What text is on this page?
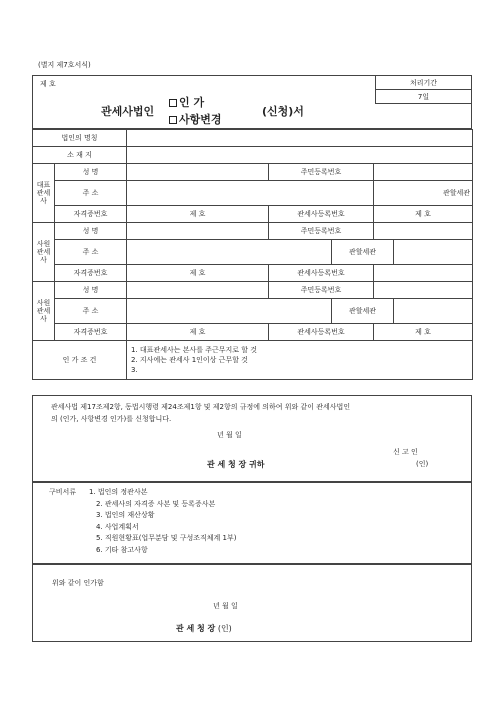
(별지 제7호서식)
제 호
관세사법인
인 가
사항변경
(신청)서
처리기간
7일
법인의 명칭							
소 재 지							

대표
관세
사	성 명		주민등록번호				
	주 소				관할세관		
	자격증번호	제 호	관세사등록번호		제 호		

사원
관세
사	성 명		주민등록번호				
	주 소			관할세관			
	자격증번호	제 호	관세사등록번호				

사원
관세
사	성 명		주민등록번호				
	주 소			관할세관			
	자격증번호	제 호	관세사등록번호		제 호		
인 가 조 건		1. 대표관세사는 본사를 주근무지로 할 것
2. 지사에는 관세사 1인이상 근무할 것
3.					
관세사법 제17조제2항, 동법시행령 제24조제1항 및 제2항의 규정에 의하여 위와 같이 관세사법인
의 (인가, 사항변경 인가)를 신청합니다.
년 월 일
신 고 인
(인)
관 세 청 장 귀하
구비서류 1. 법인의 정관사본
2. 관세사의 자격증 사본 및 등록증사본
3. 법인의 재산상황
4. 사업계획서
5. 직원현황표(업무분담 및 구성조직체계 1부)
6. 기타 참고사항
위와 같이 인가함
년 월 일
관 세 청 장 (인)
